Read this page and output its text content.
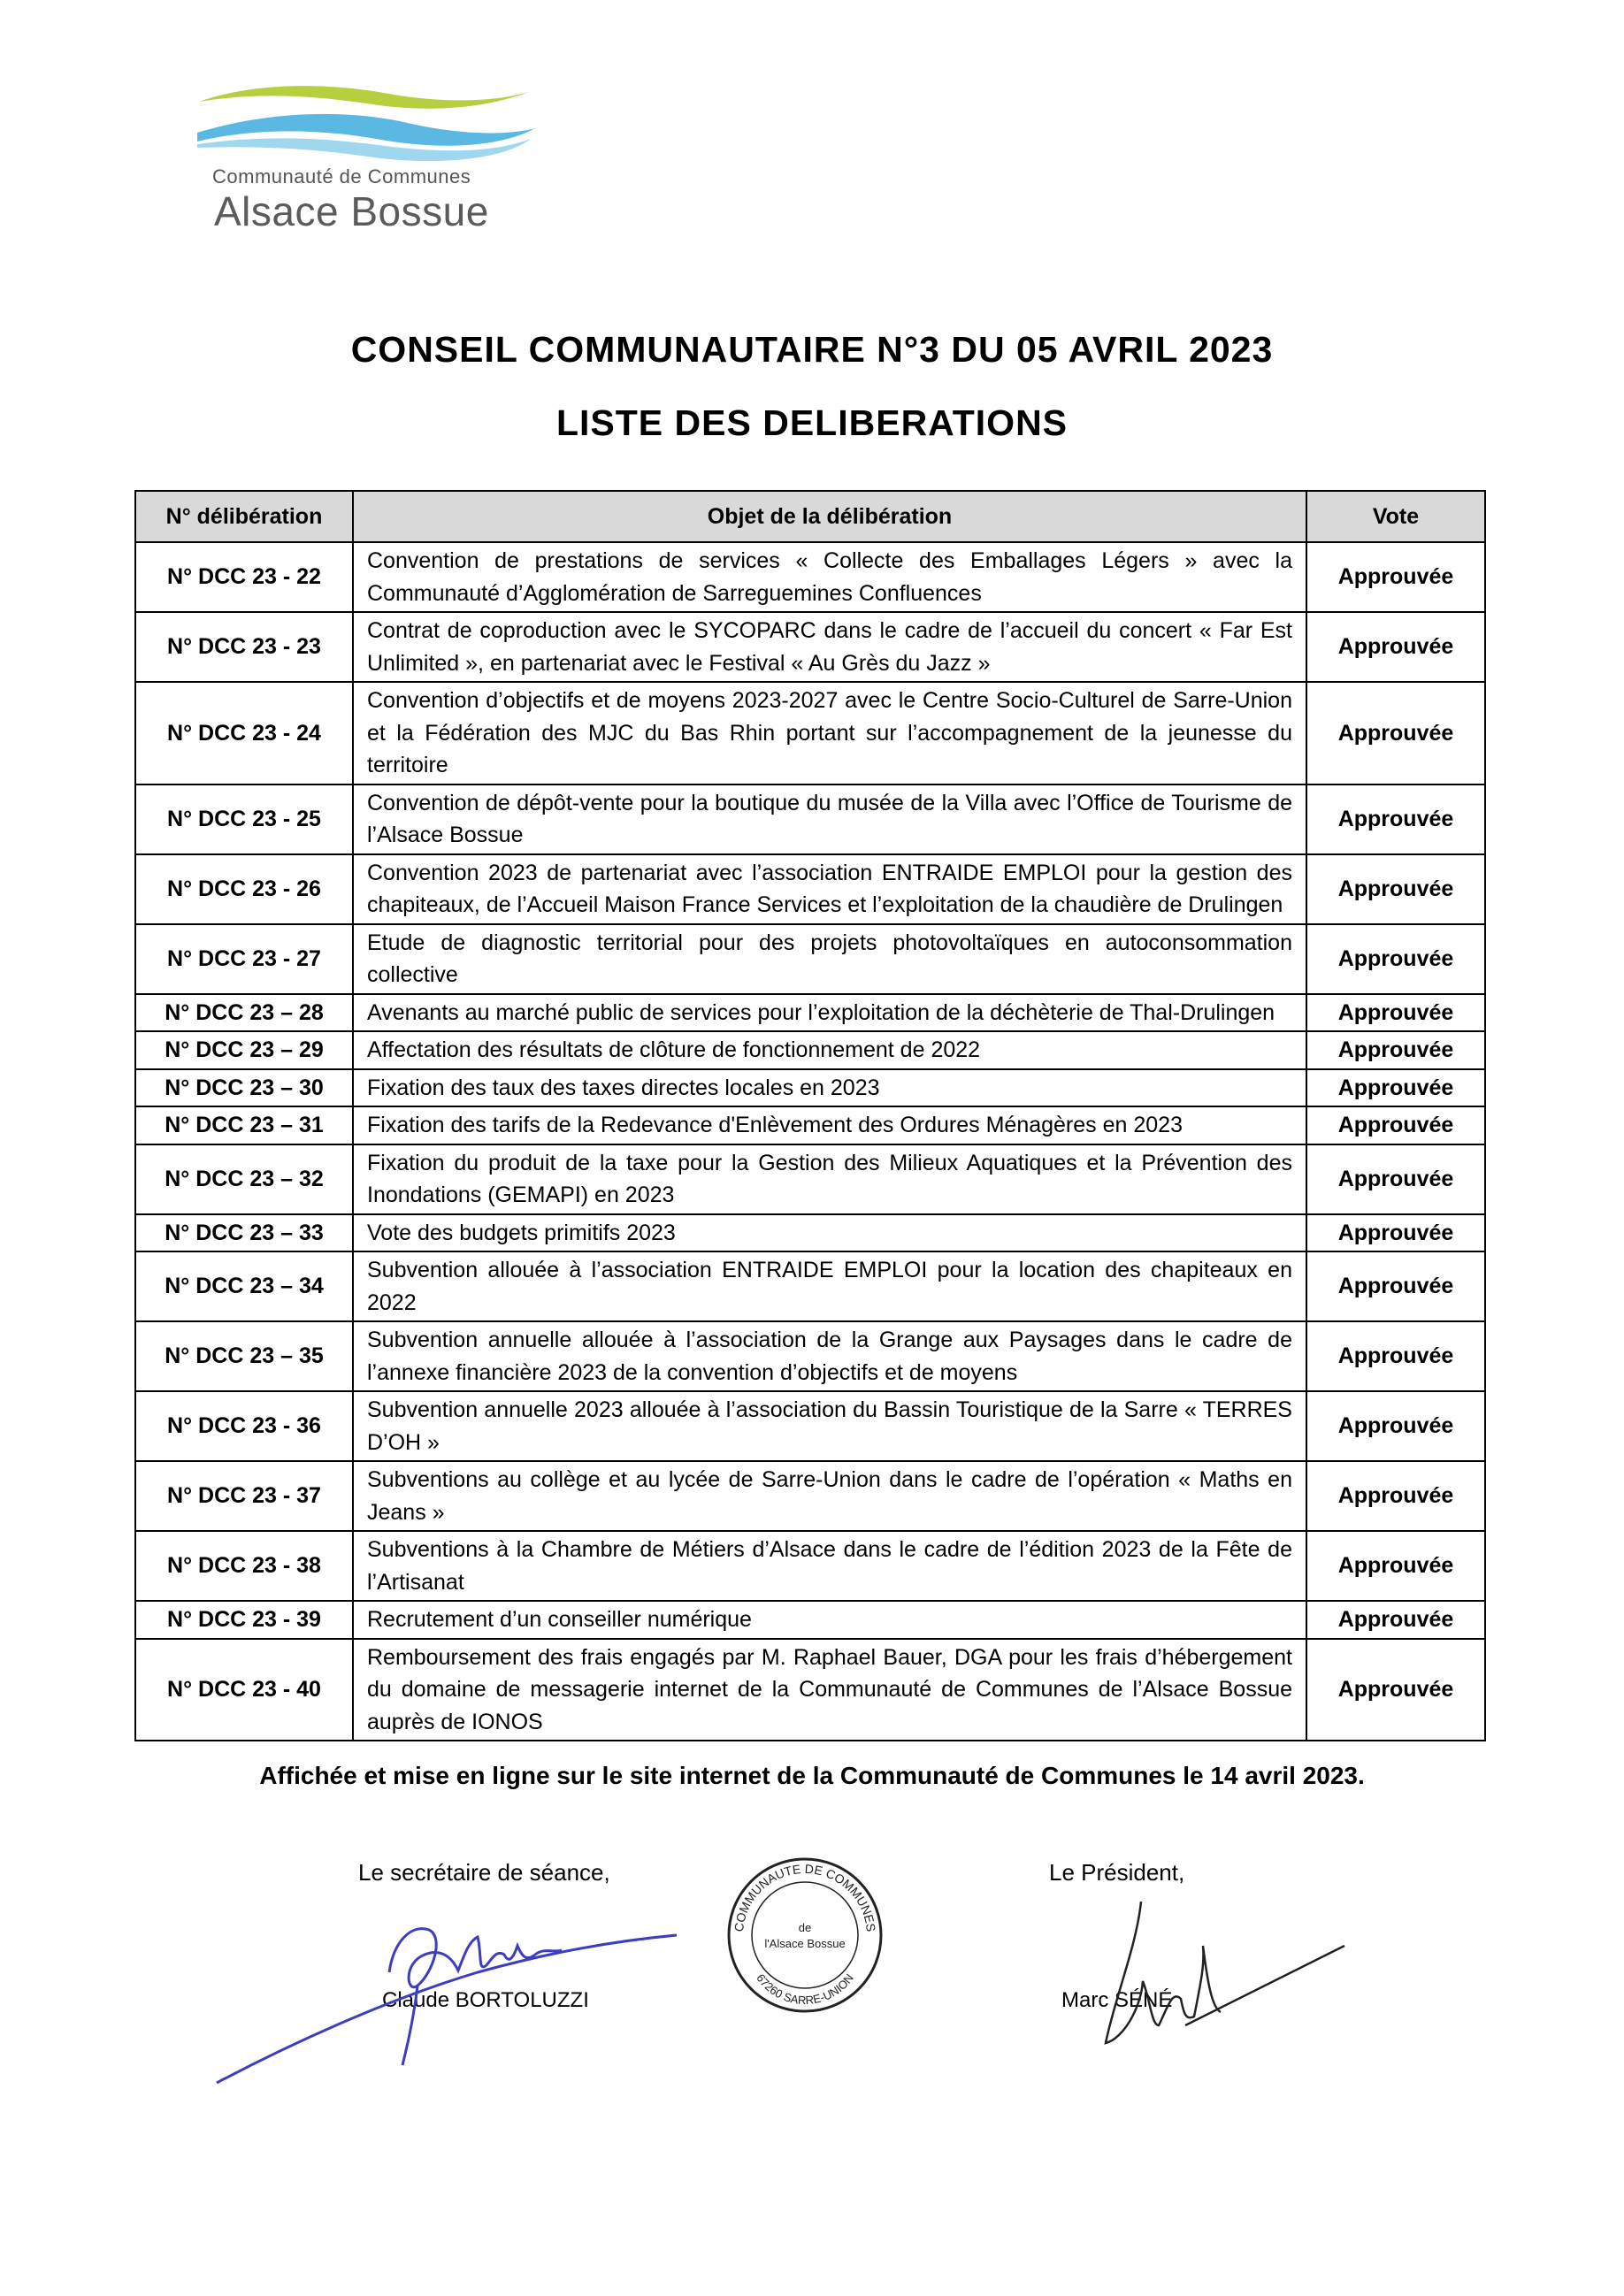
Communauté de Communes
Alsace Bossue
CONSEIL COMMUNAUTAIRE N°3 DU 05 AVRIL 2023
LISTE DES DELIBERATIONS
N° délibération	Objet de la délibération	Vote
N° DCC 23 - 22	Convention de prestations de services « Collecte des Emballages Légers » avec la Communauté d’Agglomération de Sarreguemines Confluences	Approuvée
N° DCC 23 - 23	Contrat de coproduction avec le SYCOPARC dans le cadre de l’accueil du concert « Far Est Unlimited », en partenariat avec le Festival « Au Grès du Jazz »	Approuvée
N° DCC 23 - 24	Convention d’objectifs et de moyens 2023-2027 avec le Centre Socio-Culturel de Sarre-Union et la Fédération des MJC du Bas Rhin portant sur l’accompagnement de la jeunesse du territoire	Approuvée
N° DCC 23 - 25	Convention de dépôt-vente pour la boutique du musée de la Villa avec l’Office de Tourisme de l’Alsace Bossue	Approuvée
N° DCC 23 - 26	Convention 2023 de partenariat avec l’association ENTRAIDE EMPLOI pour la gestion des chapiteaux, de l’Accueil Maison France Services et l’exploitation de la chaudière de Drulingen	Approuvée
N° DCC 23 - 27	Etude de diagnostic territorial pour des projets photovoltaïques en autoconsommation collective	Approuvée
N° DCC 23 – 28	Avenants au marché public de services pour l’exploitation de la déchèterie de Thal-Drulingen	Approuvée
N° DCC 23 – 29	Affectation des résultats de clôture de fonctionnement de 2022	Approuvée
N° DCC 23 – 30	Fixation des taux des taxes directes locales en 2023	Approuvée
N° DCC 23 – 31	Fixation des tarifs de la Redevance d'Enlèvement des Ordures Ménagères en 2023	Approuvée
N° DCC 23 – 32	Fixation du produit de la taxe pour la Gestion des Milieux Aquatiques et la Prévention des Inondations (GEMAPI) en 2023	Approuvée
N° DCC 23 – 33	Vote des budgets primitifs 2023	Approuvée
N° DCC 23 – 34	Subvention allouée à l’association ENTRAIDE EMPLOI pour la location des chapiteaux en 2022	Approuvée
N° DCC 23 – 35	Subvention annuelle allouée à l’association de la Grange aux Paysages dans le cadre de l’annexe financière 2023 de la convention d’objectifs et de moyens	Approuvée
N° DCC 23 - 36	Subvention annuelle 2023 allouée à l’association du Bassin Touristique de la Sarre « TERRES D’OH »	Approuvée
N° DCC 23 - 37	Subventions au collège et au lycée de Sarre-Union dans le cadre de l’opération « Maths en Jeans »	Approuvée
N° DCC 23 - 38	Subventions à la Chambre de Métiers d’Alsace dans le cadre de l’édition 2023 de la Fête de l’Artisanat	Approuvée
N° DCC 23 - 39	Recrutement d’un conseiller numérique	Approuvée
N° DCC 23 - 40	Remboursement des frais engagés par M. Raphael Bauer, DGA pour les frais d’hébergement du domaine de messagerie internet de la Communauté de Communes de l’Alsace Bossue auprès de IONOS	Approuvée
Affichée et mise en ligne sur le site internet de la Communauté de Communes le 14 avril 2023.
Le secrétaire de séance,
Claude BORTOLUZZI
COMMUNAUTE DE COMMUNES
67260 SARRE-UNION
de
l'Alsace Bossue
Le Président,
Marc SÉNÉ
